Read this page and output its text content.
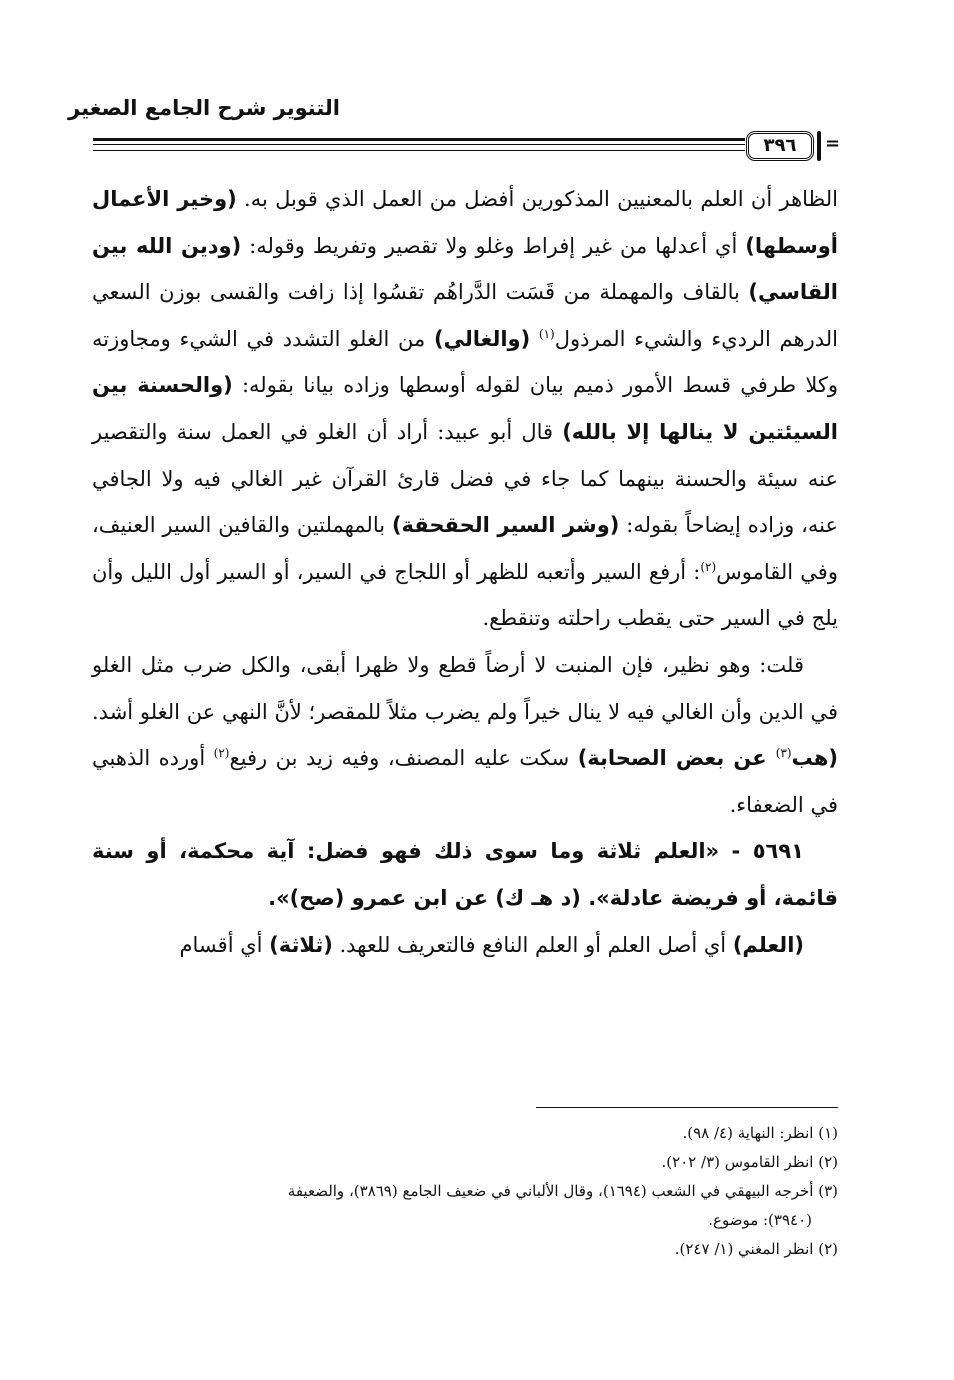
التنوير شرح الجامع الصغير
٣٩٦	=

الظاهر أن العلم بالمعنيين المذكورين أفضل من العمل الذي قوبل به. (وخير الأعمال أوسطها) أي أعدلها من غير إفراط وغلو ولا تقصير وتفريط وقوله: (ودين الله بين القاسي) بالقاف والمهملة من قَسَت الدَّراهُم تقسُوا إذا زافت والقسى بوزن السعي الدرهم الرديء والشيء المرذول$^{(١)}$ (والغالي) من الغلو التشدد في الشيء ومجاوزته وكلا طرفي قسط الأمور ذميم بيان لقوله أوسطها وزاده بيانا بقوله: (والحسنة بين السيئتين لا ينالها إلا بالله) قال أبو عبيد: أراد أن الغلو في العمل سنة والتقصير عنه سيئة والحسنة بينهما كما جاء في فضل قارئ القرآن غير الغالي فيه ولا الجافي عنه، وزاده إيضاحاً بقوله: (وشر السير الحقحقة) بالمهملتين والقافين السير العنيف، وفي القاموس$^{(٢)}$: أرفع السير وأتعبه للظهر أو اللجاج في السير، أو السير أول الليل وأن يلج في السير حتى يقطب راحلته وتنقطع.

قلت: وهو نظير، فإن المنبت لا أرضاً قطع ولا ظهرا أبقى، والكل ضرب مثل الغلو في الدين وأن الغالي فيه لا ينال خيراً ولم يضرب مثلاً للمقصر؛ لأنَّ النهي عن الغلو أشد. (هب$^{(٣)}$ عن بعض الصحابة) سكت عليه المصنف، وفيه زيد بن رفيع$^{(٢)}$ أورده الذهبي في الضعفاء.

٥٦٩١ - «العلم ثلاثة وما سوى ذلك فهو فضل: آية محكمة، أو سنة قائمة، أو فريضة عادلة». (د هـ ك) عن ابن عمرو (صح)».

(العلم) أي أصل العلم أو العلم النافع فالتعريف للعهد. (ثلاثة) أي أقسام

(١) انظر: النهاية (٤/ ٩٨).

(٢) انظر القاموس (٣/ ٢٠٢).

(٣) أخرجه البيهقي في الشعب (١٦٩٤)، وقال الألباني في ضعيف الجامع (٣٨٦٩)، والضعيفة
(٣٩٤٠): موضوع.

(٢) انظر المغني (١/ ٢٤٧).
